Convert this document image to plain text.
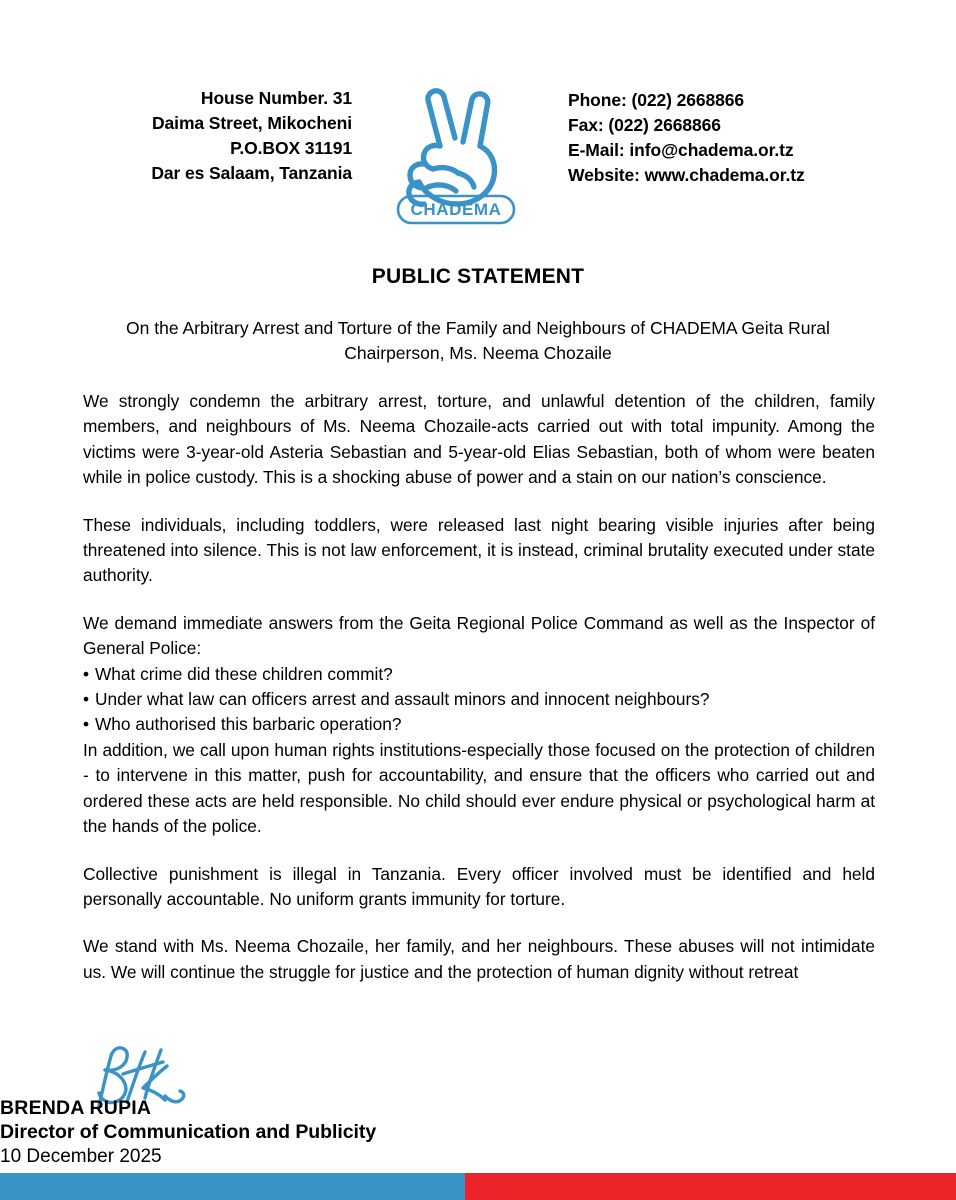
House Number. 31
Daima Street, Mikocheni
P.O.BOX 31191
Dar es Salaam, Tanzania
CHADEMA
Phone: (022) 2668866
Fax: (022) 2668866
E-Mail: info@chadema.or.tz
Website: www.chadema.or.tz
PUBLIC STATEMENT
On the Arbitrary Arrest and Torture of the Family and Neighbours of CHADEMA Geita Rural Chairperson, Ms. Neema Chozaile

We strongly condemn the arbitrary arrest, torture, and unlawful detention of the children, family members, and neighbours of Ms. Neema Chozaile-acts carried out with total impunity. Among the victims were 3-year-old Asteria Sebastian and 5-year-old Elias Sebastian, both of whom were beaten while in police custody. This is a shocking abuse of power and a stain on our nation’s conscience.

These individuals, including toddlers, were released last night bearing visible injuries after being threatened into silence. This is not law enforcement, it is instead, criminal brutality executed under state authority.

We demand immediate answers from the Geita Regional Police Command as well as the Inspector of General Police:

• What crime did these children commit?
• Under what law can officers arrest and assault minors and innocent neighbours?
• Who authorised this barbaric operation?

In addition, we call upon human rights institutions-especially those focused on the protection of children - to intervene in this matter, push for accountability, and ensure that the officers who carried out and ordered these acts are held responsible. No child should ever endure physical or psychological harm at the hands of the police.

Collective punishment is illegal in Tanzania. Every officer involved must be identified and held personally accountable. No uniform grants immunity for torture.

We stand with Ms. Neema Chozaile, her family, and her neighbours. These abuses will not intimidate us. We will continue the struggle for justice and the protection of human dignity without retreat

BRENDA RUPIA
Director of Communication and Publicity
10 December 2025
